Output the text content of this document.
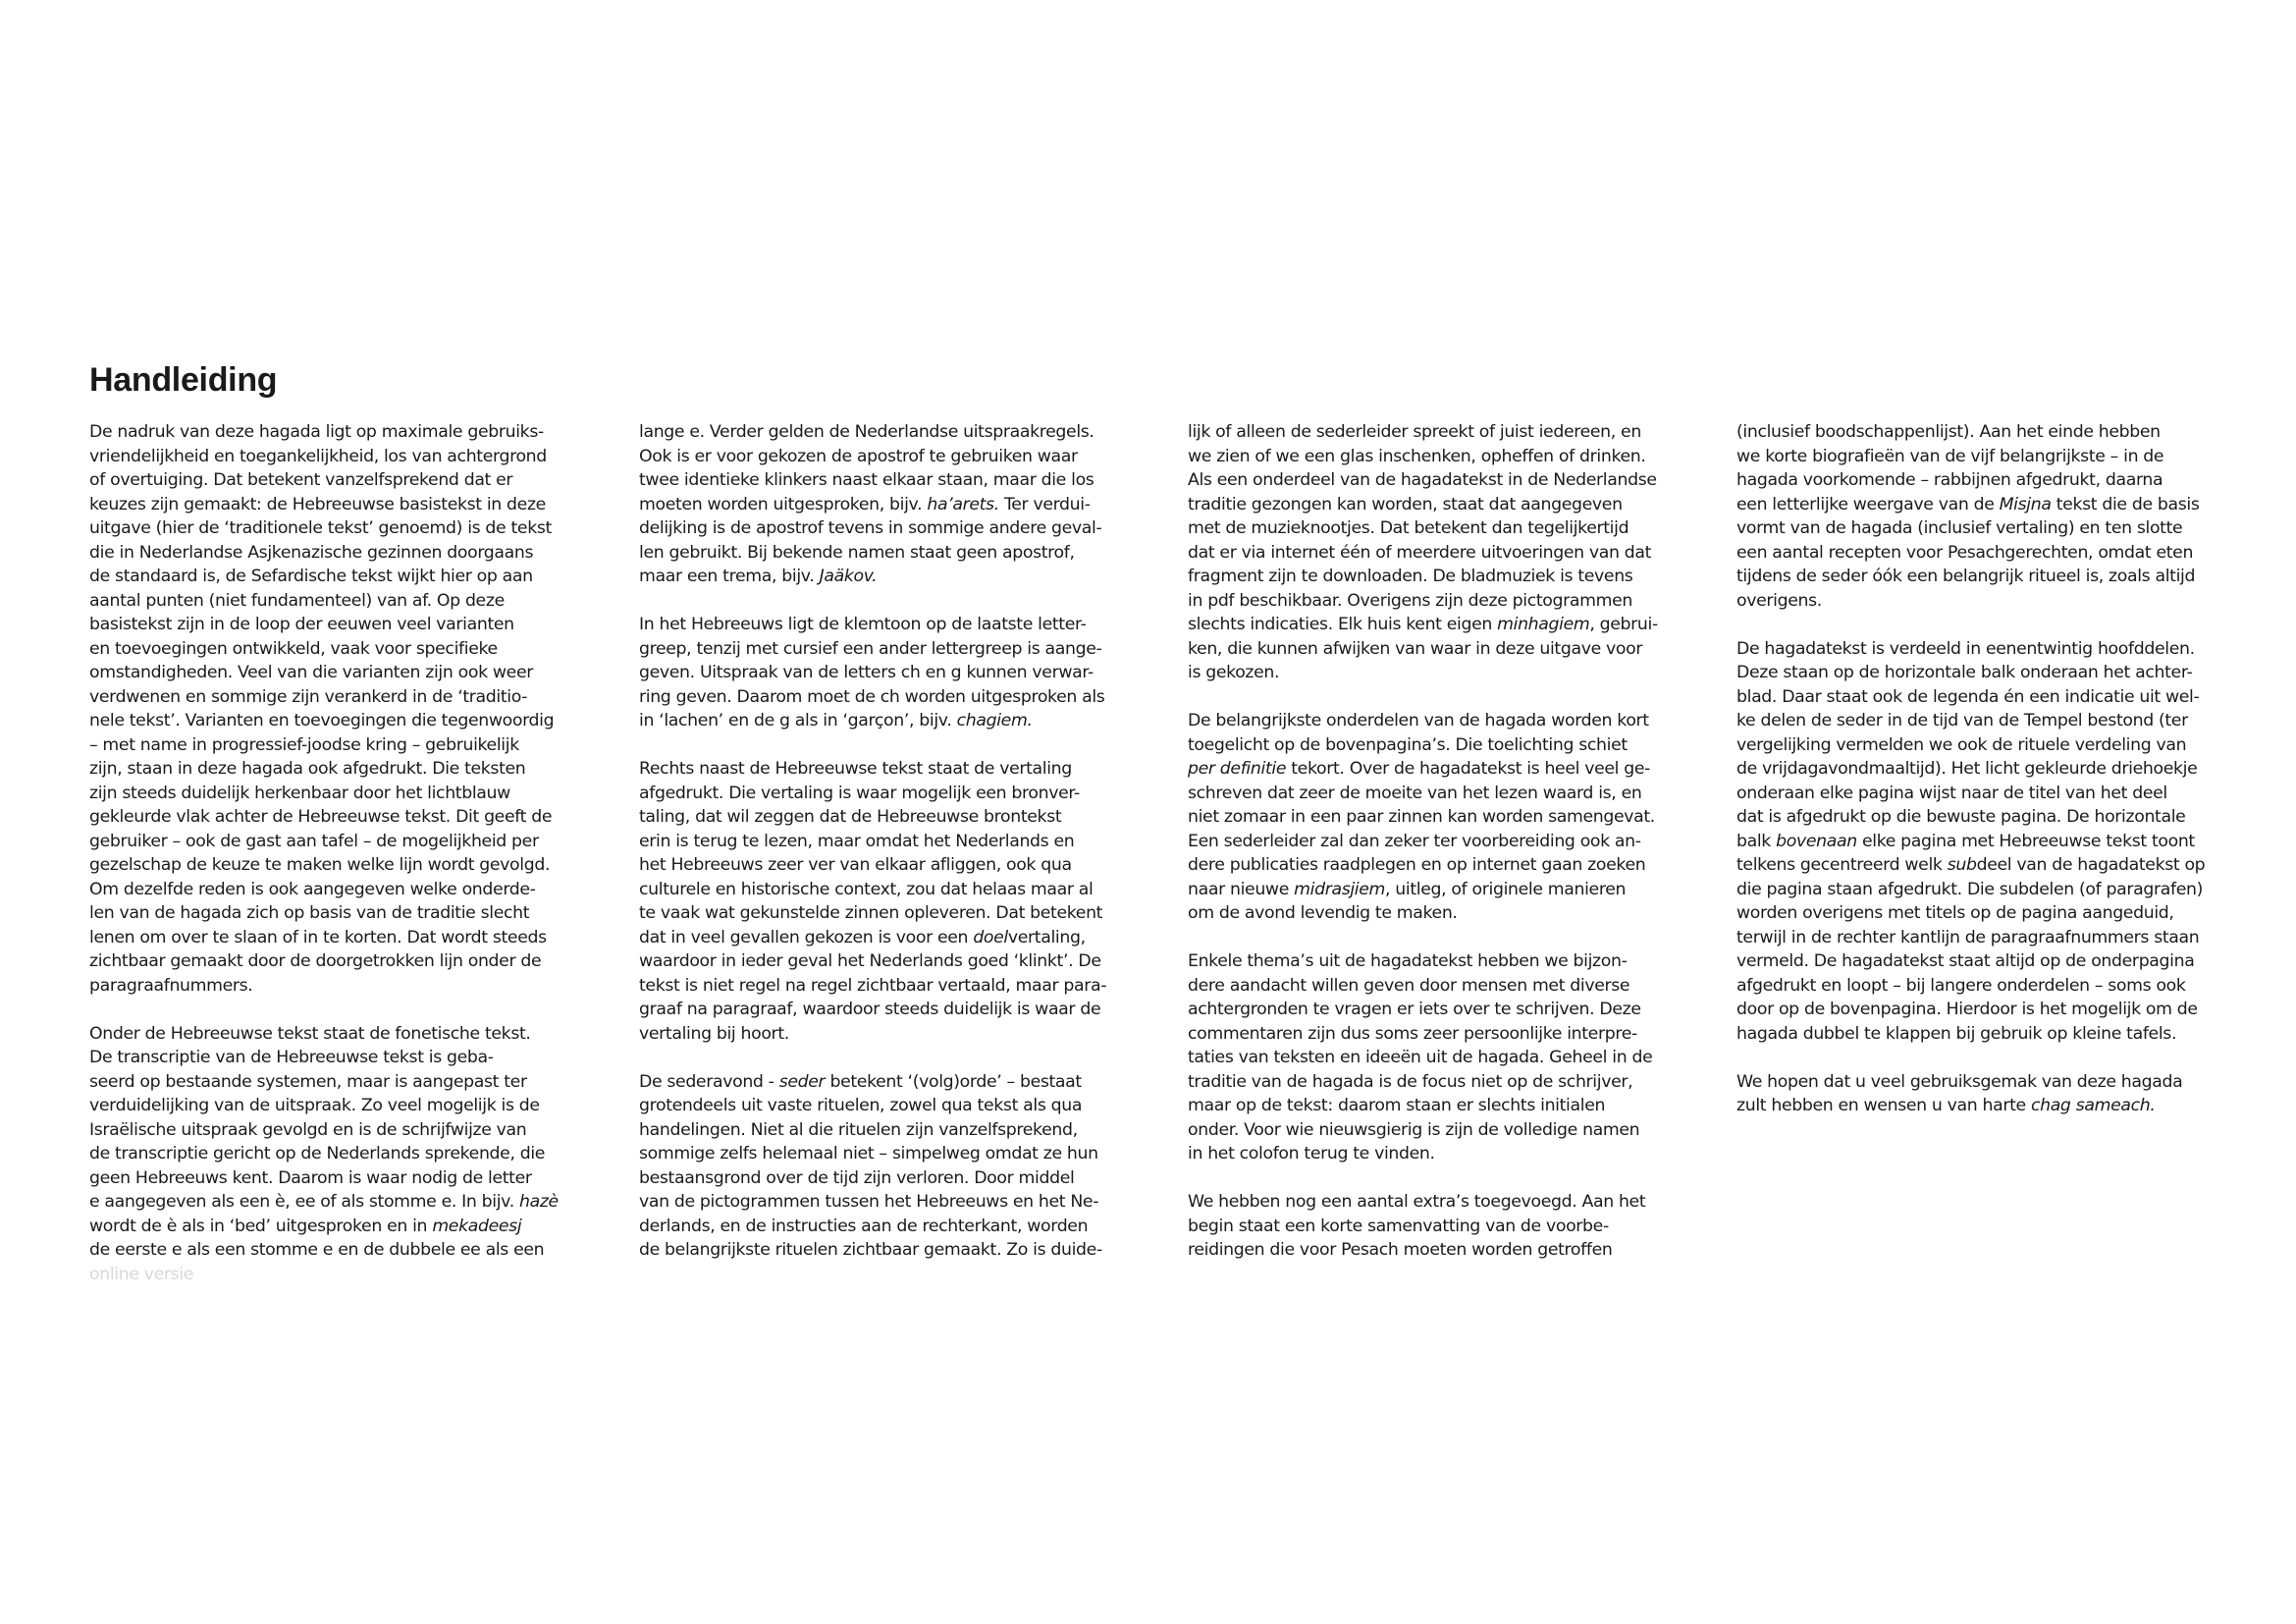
Handleiding
De nadruk van deze hagada ligt op maximale gebruiks-
vriendelijkheid en toegankelijkheid, los van achtergrond
of overtuiging. Dat betekent vanzelfsprekend dat er
keuzes zijn gemaakt: de Hebreeuwse basistekst in deze
uitgave (hier de ‘traditionele tekst’ genoemd) is de tekst
die in Nederlandse Asjkenazische gezinnen doorgaans
de standaard is, de Sefardische tekst wijkt hier op aan
aantal punten (niet fundamenteel) van af. Op deze
basistekst zijn in de loop der eeuwen veel varianten
en toevoegingen ontwikkeld, vaak voor specifieke
omstandigheden. Veel van die varianten zijn ook weer
verdwenen en sommige zijn verankerd in de ‘traditio-
nele tekst’. Varianten en toevoegingen die tegenwoordig
– met name in progressief-joodse kring – gebruikelijk
zijn, staan in deze hagada ook afgedrukt. Die teksten
zijn steeds duidelijk herkenbaar door het lichtblauw
gekleurde vlak achter de Hebreeuwse tekst. Dit geeft de
gebruiker – ook de gast aan tafel – de mogelijkheid per
gezelschap de keuze te maken welke lijn wordt gevolgd.
Om dezelfde reden is ook aangegeven welke onderde-
len van de hagada zich op basis van de traditie slecht
lenen om over te slaan of in te korten. Dat wordt steeds
zichtbaar gemaakt door de doorgetrokken lijn onder de
paragraafnummers.
Onder de Hebreeuwse tekst staat de fonetische tekst.
De transcriptie van de Hebreeuwse tekst is geba-
seerd op bestaande systemen, maar is aangepast ter
verduidelijking van de uitspraak. Zo veel mogelijk is de
Israëlische uitspraak gevolgd en is de schrijfwijze van
de transcriptie gericht op de Nederlands sprekende, die
geen Hebreeuws kent. Daarom is waar nodig de letter
e aangegeven als een è, ee of als stomme e. In bijv. hazè
wordt de è als in ‘bed’ uitgesproken en in mekadeesj
de eerste e als een stomme e en de dubbele ee als een
lange e. Verder gelden de Nederlandse uitspraakregels.
Ook is er voor gekozen de apostrof te gebruiken waar
twee identieke klinkers naast elkaar staan, maar die los
moeten worden uitgesproken, bijv. ha’arets. Ter verdui-
delijking is de apostrof tevens in sommige andere geval-
len gebruikt. Bij bekende namen staat geen apostrof,
maar een trema, bijv. Jaäkov.
In het Hebreeuws ligt de klemtoon op de laatste letter-
greep, tenzij met cursief een ander lettergreep is aange-
geven. Uitspraak van de letters ch en g kunnen verwar-
ring geven. Daarom moet de ch worden uitgesproken als
in ‘lachen’ en de g als in ‘garçon’, bijv. chagiem.
Rechts naast de Hebreeuwse tekst staat de vertaling
afgedrukt. Die vertaling is waar mogelijk een bronver-
taling, dat wil zeggen dat de Hebreeuwse brontekst
erin is terug te lezen, maar omdat het Nederlands en
het Hebreeuws zeer ver van elkaar afliggen, ook qua
culturele en historische context, zou dat helaas maar al
te vaak wat gekunstelde zinnen opleveren. Dat betekent
dat in veel gevallen gekozen is voor een doelvertaling,
waardoor in ieder geval het Nederlands goed ‘klinkt’. De
tekst is niet regel na regel zichtbaar vertaald, maar para-
graaf na paragraaf, waardoor steeds duidelijk is waar de
vertaling bij hoort.
De sederavond - seder betekent ‘(volg)orde’ – bestaat
grotendeels uit vaste rituelen, zowel qua tekst als qua
handelingen. Niet al die rituelen zijn vanzelfsprekend,
sommige zelfs helemaal niet – simpelweg omdat ze hun
bestaansgrond over de tijd zijn verloren. Door middel
van de pictogrammen tussen het Hebreeuws en het Ne-
derlands, en de instructies aan de rechterkant, worden
de belangrijkste rituelen zichtbaar gemaakt. Zo is duide-
lijk of alleen de sederleider spreekt of juist iedereen, en
we zien of we een glas inschenken, opheffen of drinken.
Als een onderdeel van de hagadatekst in de Nederlandse
traditie gezongen kan worden, staat dat aangegeven
met de muzieknootjes. Dat betekent dan tegelijkertijd
dat er via internet één of meerdere uitvoeringen van dat
fragment zijn te downloaden. De bladmuziek is tevens
in pdf beschikbaar. Overigens zijn deze pictogrammen
slechts indicaties. Elk huis kent eigen minhagiem, gebrui-
ken, die kunnen afwijken van waar in deze uitgave voor
is gekozen.
De belangrijkste onderdelen van de hagada worden kort
toegelicht op de bovenpagina’s. Die toelichting schiet
per definitie tekort. Over de hagadatekst is heel veel ge-
schreven dat zeer de moeite van het lezen waard is, en
niet zomaar in een paar zinnen kan worden samengevat.
Een sederleider zal dan zeker ter voorbereiding ook an-
dere publicaties raadplegen en op internet gaan zoeken
naar nieuwe midrasjiem, uitleg, of originele manieren
om de avond levendig te maken.
Enkele thema’s uit de hagadatekst hebben we bijzon-
dere aandacht willen geven door mensen met diverse
achtergronden te vragen er iets over te schrijven. Deze
commentaren zijn dus soms zeer persoonlijke interpre-
taties van teksten en ideeën uit de hagada. Geheel in de
traditie van de hagada is de focus niet op de schrijver,
maar op de tekst: daarom staan er slechts initialen
onder. Voor wie nieuwsgierig is zijn de volledige namen
in het colofon terug te vinden.
We hebben nog een aantal extra’s toegevoegd. Aan het
begin staat een korte samenvatting van de voorbe-
reidingen die voor Pesach moeten worden getroffen
(inclusief boodschappenlijst). Aan het einde hebben
we korte biografieën van de vijf belangrijkste – in de
hagada voorkomende – rabbijnen afgedrukt, daarna
een letterlijke weergave van de Misjna tekst die de basis
vormt van de hagada (inclusief vertaling) en ten slotte
een aantal recepten voor Pesachgerechten, omdat eten
tijdens de seder óók een belangrijk ritueel is, zoals altijd
overigens.
De hagadatekst is verdeeld in eenentwintig hoofddelen.
Deze staan op de horizontale balk onderaan het achter-
blad. Daar staat ook de legenda én een indicatie uit wel-
ke delen de seder in de tijd van de Tempel bestond (ter
vergelijking vermelden we ook de rituele verdeling van
de vrijdagavondmaaltijd). Het licht gekleurde driehoekje
onderaan elke pagina wijst naar de titel van het deel
dat is afgedrukt op die bewuste pagina. De horizontale
balk bovenaan elke pagina met Hebreeuwse tekst toont
telkens gecentreerd welk subdeel van de hagadatekst op
die pagina staan afgedrukt. Die subdelen (of paragrafen)
worden overigens met titels op de pagina aangeduid,
terwijl in de rechter kantlijn de paragraafnummers staan
vermeld. De hagadatekst staat altijd op de onderpagina
afgedrukt en loopt – bij langere onderdelen – soms ook
door op de bovenpagina. Hierdoor is het mogelijk om de
hagada dubbel te klappen bij gebruik op kleine tafels.
We hopen dat u veel gebruiksgemak van deze hagada
zult hebben en wensen u van harte chag sameach.
online versie
